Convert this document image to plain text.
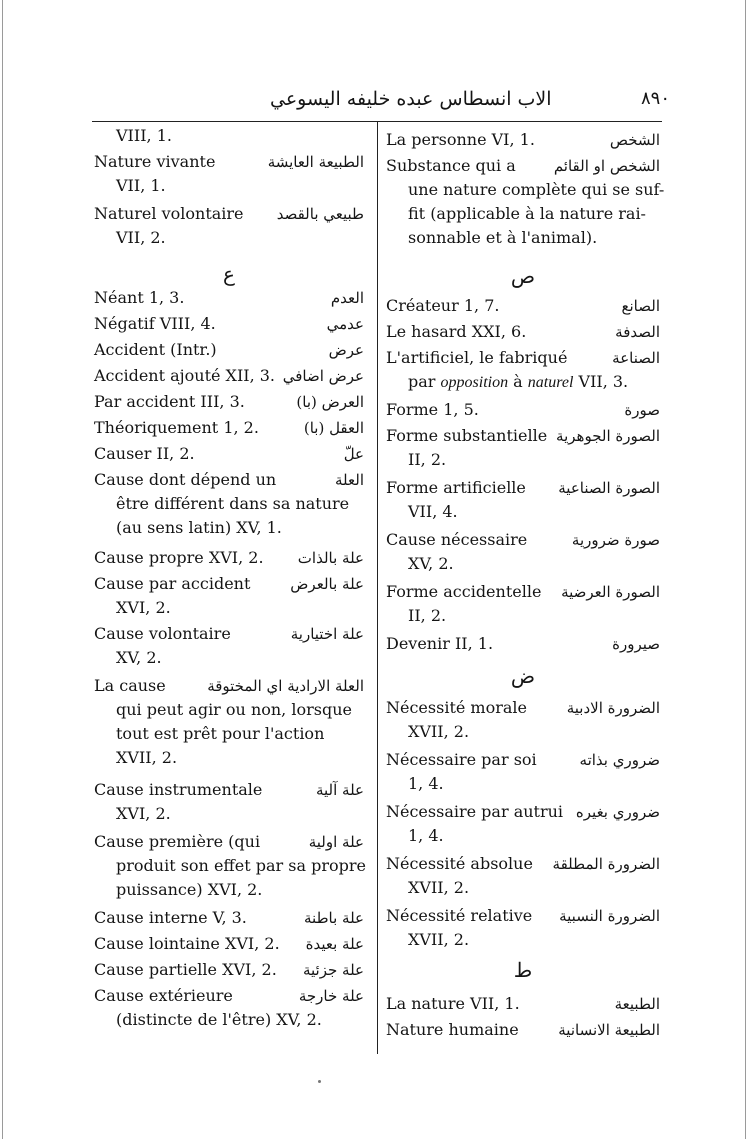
الاب انسطاس عبده خليفه اليسوعي	٨٩٠
VIII, 1.
Nature vivante	الطبيعة العايشة
VII, 1.
Naturel volontaire طبيعي بالقصد
VII, 2.
ع
Néant 1, 3.	العدم
Négatif VIII, 4.	عدمي
Accident (Intr.)	عرض
Accident ajouté XII, 3. عرض اضافي
Par accident III, 3.	العرض (با)
Théoriquement 1, 2.	العقل (با)
Causer II, 2.	علّ
Cause dont dépend un	العلة
être différent dans sa nature
(au sens latin) XV, 1.
Cause propre XVI, 2. علة بالذات
Cause par accident	علة بالعرض
XVI, 2.
Cause volontaire	علة اختيارية
XV, 2.
La cause	العلة الارادية اي المختوقة
qui peut agir ou non, lorsque
tout est prêt pour l'action
XVII, 2.
Cause instrumentale	علة آلية
XVI, 2.
Cause première (qui	علة اولية
produit son effet par sa propre
puissance) XVI, 2.
Cause interne V, 3.	علة باطنة
Cause lointaine XVI, 2. علة بعيدة
Cause partielle XVI, 2. علة جزئية
Cause extérieure	علة خارجة
(distincte de l'être) XV, 2.
La personne VI, 1.	الشخص
Substance qui a	الشخص او القائم
une nature complète qui se suf-
fit (applicable à la nature rai-
sonnable et à l'animal).
ص
Créateur 1, 7.	الصانع
Le hasard XXI, 6.	الصدفة
L'artificiel, le fabriqué	الصناعة
par opposition à naturel VII, 3.
Forme 1, 5.	صورة
Forme substantielle الصورة الجوهرية
II, 2.
Forme artificielle الصورة الصناعية
VII, 4.
Cause nécessaire	صورة ضرورية
XV, 2.
Forme accidentelle الصورة العرضية
II, 2.
Devenir II, 1.	صيرورة
ض
Nécessité morale	الضرورة الادبية
XVII, 2.
Nécessaire par soi	ضروري بذاته
1, 4.
Nécessaire par autrui ضروري بغيره
1, 4.
Nécessité absolue الضرورة المطلقة
XVII, 2.
Nécessité relative الضرورة النسبية
XVII, 2.
ط
La nature VII, 1.	الطبيعة
Nature humaine	الطبيعة الانسانية
